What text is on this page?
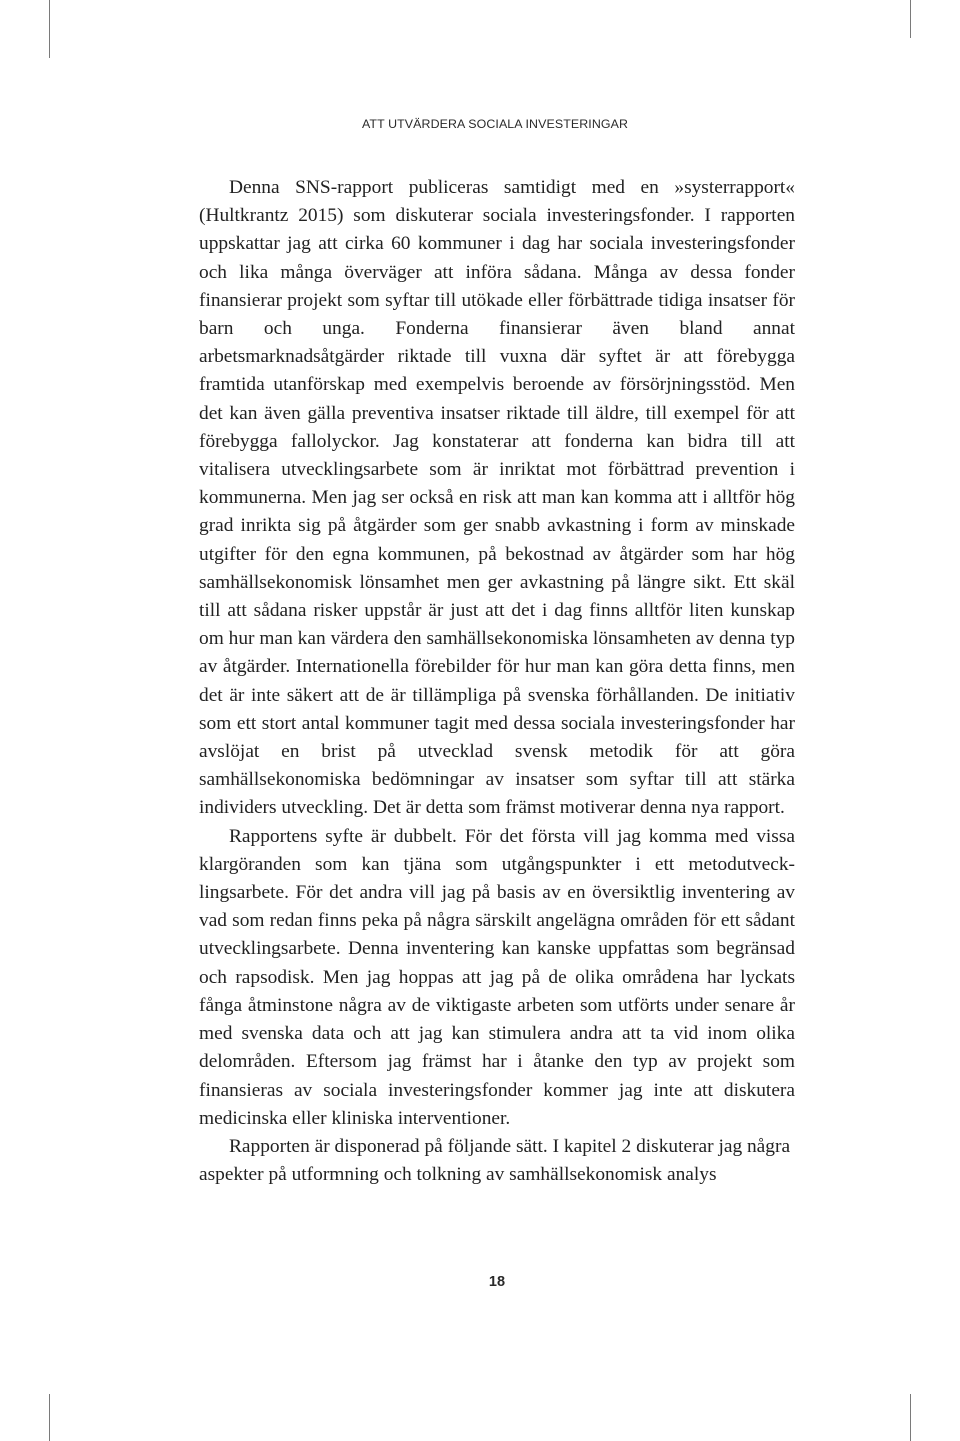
ATT UTVÄRDERA SOCIALA INVESTERINGAR

Denna SNS-rapport publiceras samtidigt med en »systerrapport« (Hultkrantz 2015) som diskuterar sociala investeringsfonder. I rapporten uppskattar jag att cirka 60 kommuner i dag har sociala investeringsfonder och lika många överväger att införa sådana. Många av dessa fonder finansierar projekt som syftar till utökade eller förbättrade tidiga insatser för barn och unga. Fonderna finansierar även bland annat arbetsmarknadsåtgärder riktade till vuxna där syftet är att förebygga framtida utanförskap med exempelvis beroende av försörjningsstöd. Men det kan även gälla preventiva insatser riktade till äldre, till exempel för att förebygga fallolyckor. Jag konstaterar att fonderna kan bidra till att vitalisera utvecklingsarbete som är inriktat mot förbättrad prevention i kommunerna. Men jag ser också en risk att man kan komma att i alltför hög grad inrikta sig på åtgärder som ger snabb avkastning i form av minskade utgifter för den egna kommunen, på bekostnad av åtgärder som har hög samhällsekonomisk lönsamhet men ger avkastning på längre sikt. Ett skäl till att sådana risker uppstår är just att det i dag finns alltför liten kunskap om hur man kan värdera den samhällsekonomiska lönsamheten av denna typ av åtgärder. Internationella förebilder för hur man kan göra detta finns, men det är inte säkert att de är tillämpliga på svenska förhållanden. De initiativ som ett stort antal kommuner tagit med dessa sociala investeringsfonder har avslöjat en brist på utvecklad svensk metodik för att göra samhällsekonomiska bedömningar av insatser som syftar till att stärka individers utveckling. Det är detta som främst motiverar denna nya rapport.

Rapportens syfte är dubbelt. För det första vill jag komma med vissa klargöranden som kan tjäna som utgångspunkter i ett metodutvecklingsarbete. För det andra vill jag på basis av en översiktlig inventering av vad som redan finns peka på några särskilt angelägna områden för ett sådant utvecklingsarbete. Denna inventering kan kanske uppfattas som begränsad och rapsodisk. Men jag hoppas att jag på de olika områdena har lyckats fånga åtminstone några av de viktigaste arbeten som utförts under senare år med svenska data och att jag kan stimulera andra att ta vid inom olika delområden. Eftersom jag främst har i åtanke den typ av projekt som finansieras av sociala investeringsfonder kommer jag inte att diskutera medicinska eller kliniska interventioner.

Rapporten är disponerad på följande sätt. I kapitel 2 diskuterar jag några aspekter på utformning och tolkning av samhällsekonomisk analys

18
